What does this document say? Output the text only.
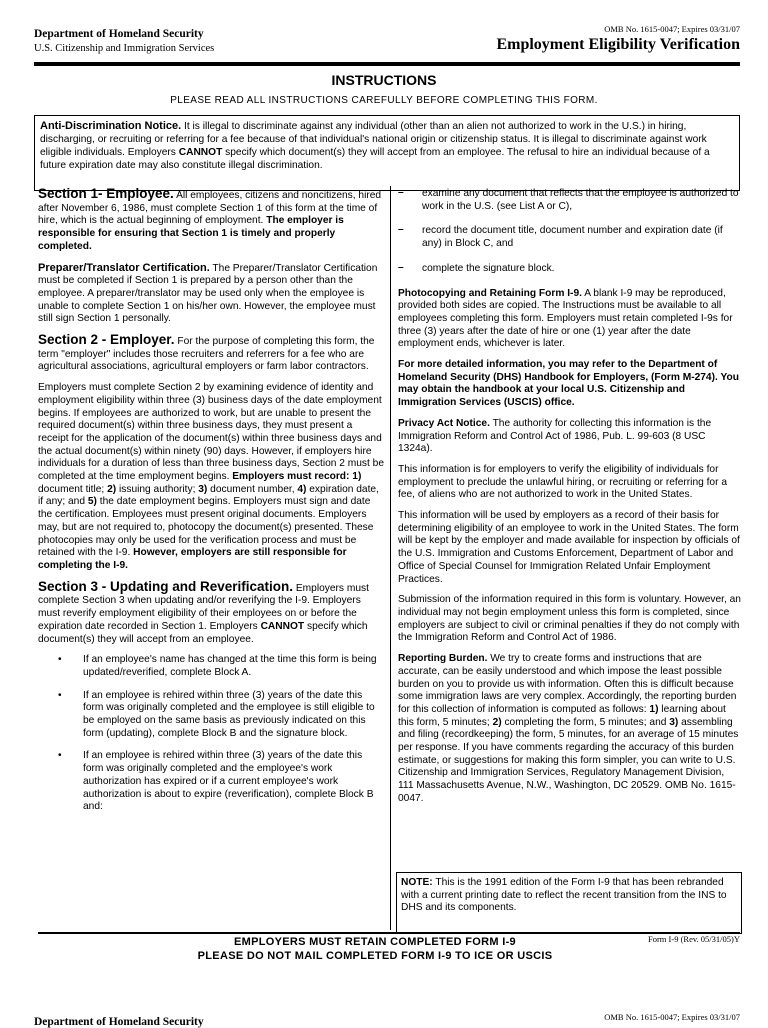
Department of Homeland Security
U.S. Citizenship and Immigration Services
OMB No. 1615-0047; Expires 03/31/07
Employment Eligibility Verification
INSTRUCTIONS
PLEASE READ ALL INSTRUCTIONS CAREFULLY BEFORE COMPLETING THIS FORM.
Anti-Discrimination Notice. It is illegal to discriminate against any individual (other than an alien not authorized to work in the U.S.) in hiring, discharging, or recruiting or referring for a fee because of that individual's national origin or citizenship status. It is illegal to discriminate against work eligible individuals. Employers CANNOT specify which document(s) they will accept from an employee. The refusal to hire an individual because of a future expiration date may also constitute illegal discrimination.

Section 1- Employee. All employees, citizens and noncitizens, hired after November 6, 1986, must complete Section 1 of this form at the time of hire, which is the actual beginning of employment. The employer is responsible for ensuring that Section 1 is timely and properly completed.

Preparer/Translator Certification. The Preparer/Translator Certification must be completed if Section 1 is prepared by a person other than the employee. A preparer/translator may be used only when the employee is unable to complete Section 1 on his/her own. However, the employee must still sign Section 1 personally.

Section 2 - Employer. For the purpose of completing this form, the term "employer" includes those recruiters and referrers for a fee who are agricultural associations, agricultural employers or farm labor contractors.

Employers must complete Section 2 by examining evidence of identity and employment eligibility within three (3) business days of the date employment begins. If employees are authorized to work, but are unable to present the required document(s) within three business days, they must present a receipt for the application of the document(s) within three business days and the actual document(s) within ninety (90) days. However, if employers hire individuals for a duration of less than three business days, Section 2 must be completed at the time employment begins. Employers must record: 1) document title; 2) issuing authority; 3) document number, 4) expiration date, if any; and 5) the date employment begins. Employers must sign and date the certification. Employees must present original documents. Employers may, but are not required to, photocopy the document(s) presented. These photocopies may only be used for the verification process and must be retained with the I-9. However, employers are still responsible for completing the I-9.

Section 3 - Updating and Reverification. Employers must complete Section 3 when updating and/or reverifying the I-9. Employers must reverify employment eligibility of their employees on or before the expiration date recorded in Section 1. Employers CANNOT specify which document(s) they will accept from an employee.

• If an employee's name has changed at the time this form is being updated/reverified, complete Block A.
• If an employee is rehired within three (3) years of the date this form was originally completed and the employee is still eligible to be employed on the same basis as previously indicated on this form (updating), complete Block B and the signature block.
• If an employee is rehired within three (3) years of the date this form was originally completed and the employee's work authorization has expired or if a current employee's work authorization is about to expire (reverification), complete Block B and:
– examine any document that reflects that the employee is authorized to work in the U.S. (see List A or C),
– record the document title, document number and expiration date (if any) in Block C, and
– complete the signature block.

Photocopying and Retaining Form I-9. A blank I-9 may be reproduced, provided both sides are copied. The Instructions must be available to all employees completing this form. Employers must retain completed I-9s for three (3) years after the date of hire or one (1) year after the date employment ends, whichever is later.

For more detailed information, you may refer to the Department of Homeland Security (DHS) Handbook for Employers, (Form M-274). You may obtain the handbook at your local U.S. Citizenship and Immigration Services (USCIS) office.

Privacy Act Notice. The authority for collecting this information is the Immigration Reform and Control Act of 1986, Pub. L. 99-603 (8 USC 1324a).

This information is for employers to verify the eligibility of individuals for employment to preclude the unlawful hiring, or recruiting or referring for a fee, of aliens who are not authorized to work in the United States.

This information will be used by employers as a record of their basis for determining eligibility of an employee to work in the United States. The form will be kept by the employer and made available for inspection by officials of the U.S. Immigration and Customs Enforcement, Department of Labor and Office of Special Counsel for Immigration Related Unfair Employment Practices.

Submission of the information required in this form is voluntary. However, an individual may not begin employment unless this form is completed, since employers are subject to civil or criminal penalties if they do not comply with the Immigration Reform and Control Act of 1986.

Reporting Burden. We try to create forms and instructions that are accurate, can be easily understood and which impose the least possible burden on you to provide us with information. Often this is difficult because some immigration laws are very complex. Accordingly, the reporting burden for this collection of information is computed as follows: 1) learning about this form, 5 minutes; 2) completing the form, 5 minutes; and 3) assembling and filing (recordkeeping) the form, 5 minutes, for an average of 15 minutes per response. If you have comments regarding the accuracy of this burden estimate, or suggestions for making this form simpler, you can write to U.S. Citizenship and Immigration Services, Regulatory Management Division, 111 Massachusetts Avenue, N.W., Washington, DC 20529. OMB No. 1615-0047.

NOTE: This is the 1991 edition of the Form I-9 that has been rebranded with a current printing date to reflect the recent transition from the INS to DHS and its components.
EMPLOYERS MUST RETAIN COMPLETED FORM I-9
PLEASE DO NOT MAIL COMPLETED FORM I-9 TO ICE OR USCIS
Form I-9 (Rev. 05/31/05)Y
Department of Homeland Security	OMB No. 1615-0047; Expires 03/31/07
